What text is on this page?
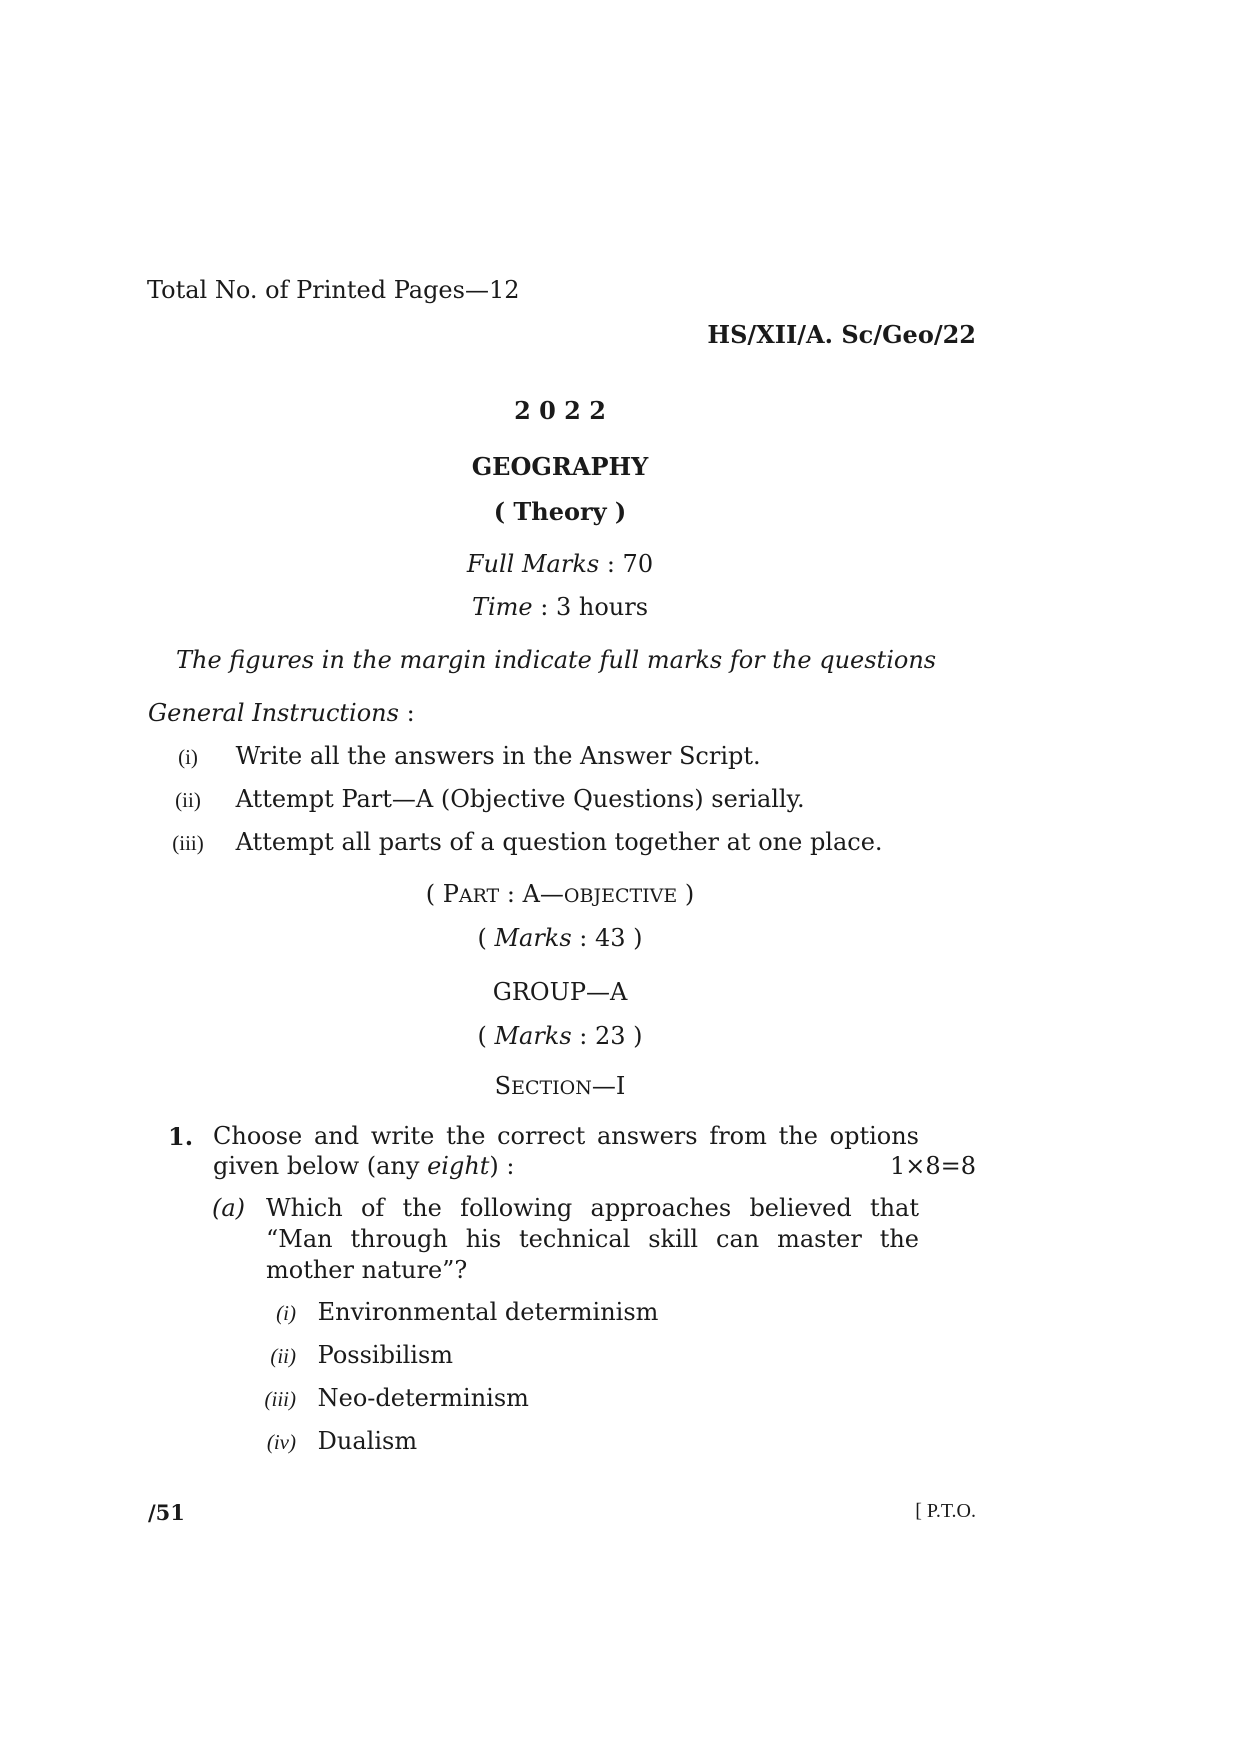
Total No. of Printed Pages—12
HS/XII/A. Sc/Geo/22
2 0 2 2
GEOGRAPHY
( Theory )
Full Marks : 70
Time : 3 hours
The figures in the margin indicate full marks for the questions
General Instructions :
(i) Write all the answers in the Answer Script.
(ii) Attempt Part—A (Objective Questions) serially.
(iii) Attempt all parts of a question together at one place.
( PART : A—OBJECTIVE )
( Marks : 43 )
GROUP—A
( Marks : 23 )
SECTION—I
1. Choose and write the correct answers from the options
given below (any eight) :	1×8=8
(a) Which of the following approaches believed that
“Man through his technical skill can master the
mother nature”?
(i) Environmental determinism
(ii) Possibilism
(iii) Neo-determinism
(iv) Dualism
/51	[ P.T.O.
